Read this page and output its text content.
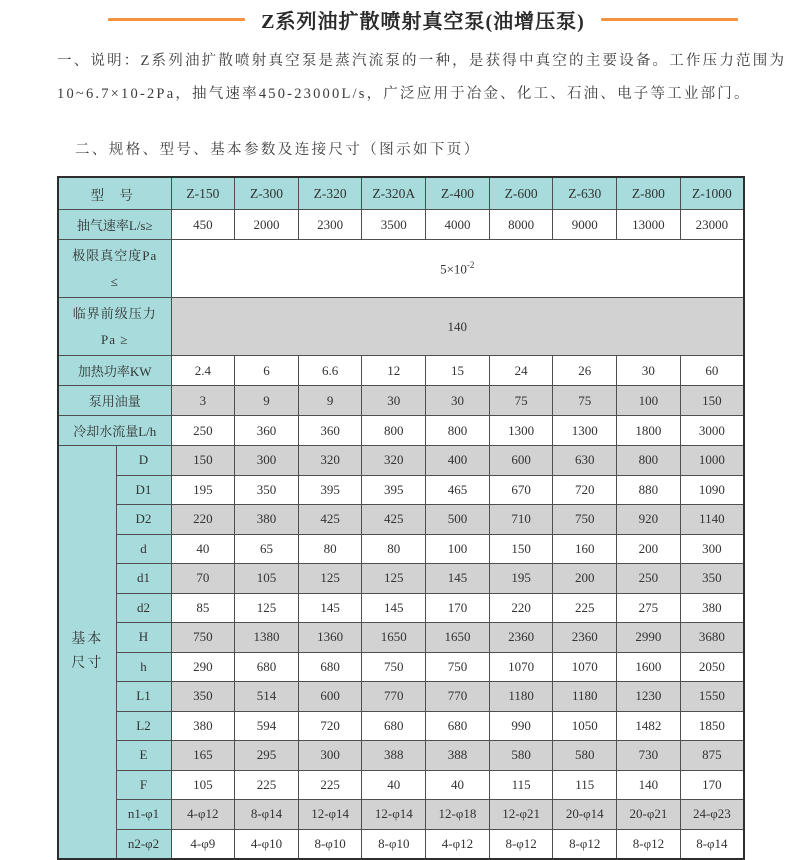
Z系列油扩散喷射真空泵(油增压泵)
一、说明：Z系列油扩散喷射真空泵是蒸汽流泵的一种，是获得中真空的主要设备。工作压力范围为
10~6.7×10-2Pa，抽气速率450-23000L/s，广泛应用于冶金、化工、石油、电子等工业部门。
二、规格、型号、基本参数及连接尺寸（图示如下页）
型 号		Z-150	Z-300	Z-320	Z-320A	Z-400	Z-600	Z-630	Z-800	Z-1000
抽气速率L/s≥		450	2000	2300	3500	4000	8000	9000	13000	23000

极限真空度Pa
≤		$5\times 10^{-2}$

临界前级压力
Pa ≥		140								
加热功率KW		2.4	6	6.6	12	15	24	26	30	60
泵用油量		3	9	9	30	30	75	75	100	150
冷却水流量L/h		250	360	360	800	800	1300	1300	1800	3000

基本
尺寸	D	150	300	320	320	400	600	630	800	1000
	D1	195	350	395	395	465	670	720	880	1090
	D2	220	380	425	425	500	710	750	920	1140
	d	40	65	80	80	100	150	160	200	300
	d1	70	105	125	125	145	195	200	250	350
	d2	85	125	145	145	170	220	225	275	380
	H	750	1380	1360	1650	1650	2360	2360	2990	3680
	h	290	680	680	750	750	1070	1070	1600	2050
	L1	350	514	600	770	770	1180	1180	1230	1550
	L2	380	594	720	680	680	990	1050	1482	1850
	E	165	295	300	388	388	580	580	730	875
	F	105	225	225	40	40	115	115	140	170
	n1-φ1	4-φ12	8-φ14	12-φ14	12-φ14	12-φ18	12-φ21	20-φ14	20-φ21	24-φ23
	n2-φ2	4-φ9	4-φ10	8-φ10	8-φ10	4-φ12	8-φ12	8-φ12	8-φ12	8-φ14
